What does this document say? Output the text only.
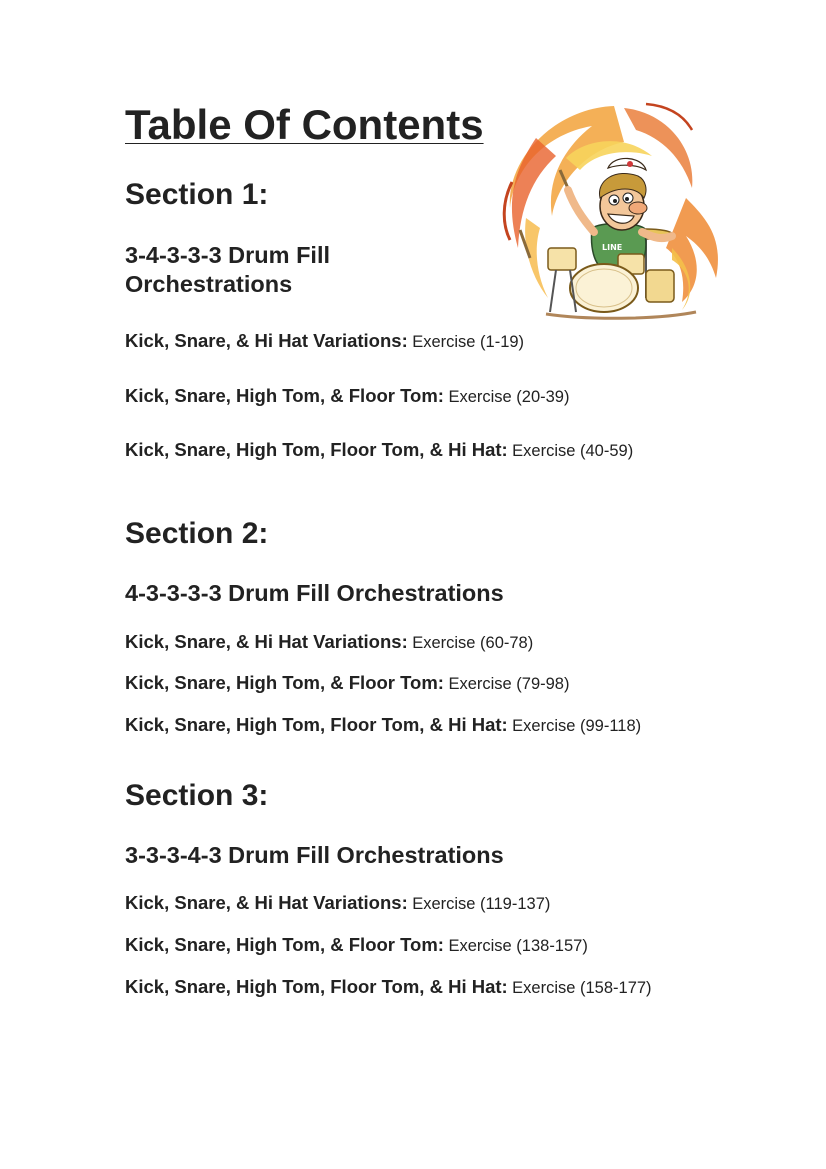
Table Of Contents
LINE
Section 1:
3-4-3-3-3 Drum Fill
Orchestrations

Kick, Snare, & Hi Hat Variations: Exercise (1-19)

Kick, Snare, High Tom, & Floor Tom: Exercise (20-39)

Kick, Snare, High Tom, Floor Tom, & Hi Hat: Exercise (40-59)

Section 2:
4-3-3-3-3 Drum Fill Orchestrations

Kick, Snare, & Hi Hat Variations: Exercise (60-78)

Kick, Snare, High Tom, & Floor Tom: Exercise (79-98)

Kick, Snare, High Tom, Floor Tom, & Hi Hat: Exercise (99-118)

Section 3:
3-3-3-4-3 Drum Fill Orchestrations

Kick, Snare, & Hi Hat Variations: Exercise (119-137)

Kick, Snare, High Tom, & Floor Tom: Exercise (138-157)

Kick, Snare, High Tom, Floor Tom, & Hi Hat: Exercise (158-177)
